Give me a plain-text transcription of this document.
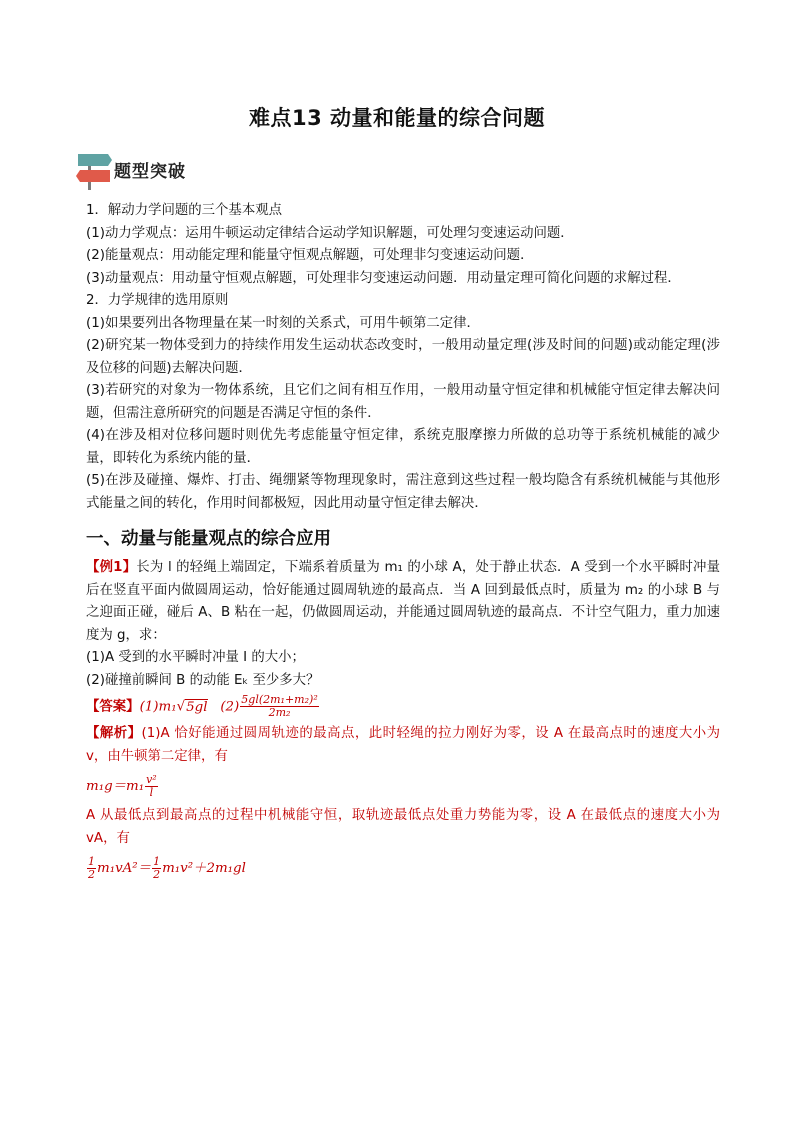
难点13 动量和能量的综合问题
题型突破

1．解动力学问题的三个基本观点

(1)动力学观点：运用牛顿运动定律结合运动学知识解题，可处理匀变速运动问题．

(2)能量观点：用动能定理和能量守恒观点解题，可处理非匀变速运动问题．

(3)动量观点：用动量守恒观点解题，可处理非匀变速运动问题．用动量定理可简化问题的求解过程．

2．力学规律的选用原则

(1)如果要列出各物理量在某一时刻的关系式，可用牛顿第二定律．

(2)研究某一物体受到力的持续作用发生运动状态改变时，一般用动量定理(涉及时间的问题)或动能定理(涉及位移的问题)去解决问题．

(3)若研究的对象为一物体系统，且它们之间有相互作用，一般用动量守恒定律和机械能守恒定律去解决问题，但需注意所研究的问题是否满足守恒的条件．

(4)在涉及相对位移问题时则优先考虑能量守恒定律，系统克服摩擦力所做的总功等于系统机械能的减少量，即转化为系统内能的量．

(5)在涉及碰撞、爆炸、打击、绳绷紧等物理现象时，需注意到这些过程一般均隐含有系统机械能与其他形式能量之间的转化，作用时间都极短，因此用动量守恒定律去解决．

一、动量与能量观点的综合应用

【例1】长为 l 的轻绳上端固定，下端系着质量为 m₁ 的小球 A，处于静止状态．A 受到一个水平瞬时冲量后在竖直平面内做圆周运动，恰好能通过圆周轨迹的最高点．当 A 回到最低点时，质量为 m₂ 的小球 B 与之迎面正碰，碰后 A、B 粘在一起，仍做圆周运动，并能通过圆周轨迹的最高点．不计空气阻力，重力加速度为 g，求：

(1)A 受到的水平瞬时冲量 I 的大小；

(2)碰撞前瞬间 B 的动能 Eₖ 至少多大？

【答案】(1)m₁√5gl $(2) \frac{\text{5gl(2m₁+m₂)²}}{\text{2m₂}}$

【解析】(1)A 恰好能通过圆周轨迹的最高点，此时轻绳的拉力刚好为零，设 A 在最高点时的速度大小为 v，由牛顿第二定律，有

$m_1g=m_1 \frac{\text{v²}}{l}$

A 从最低点到最高点的过程中机械能守恒，取轨迹最低点处重力势能为零，设 A 在最低点的速度大小为 vA，有

$\frac{1}{2} m_1vA^2= \frac{1}{2} m_1v^2+2m_1gl$
